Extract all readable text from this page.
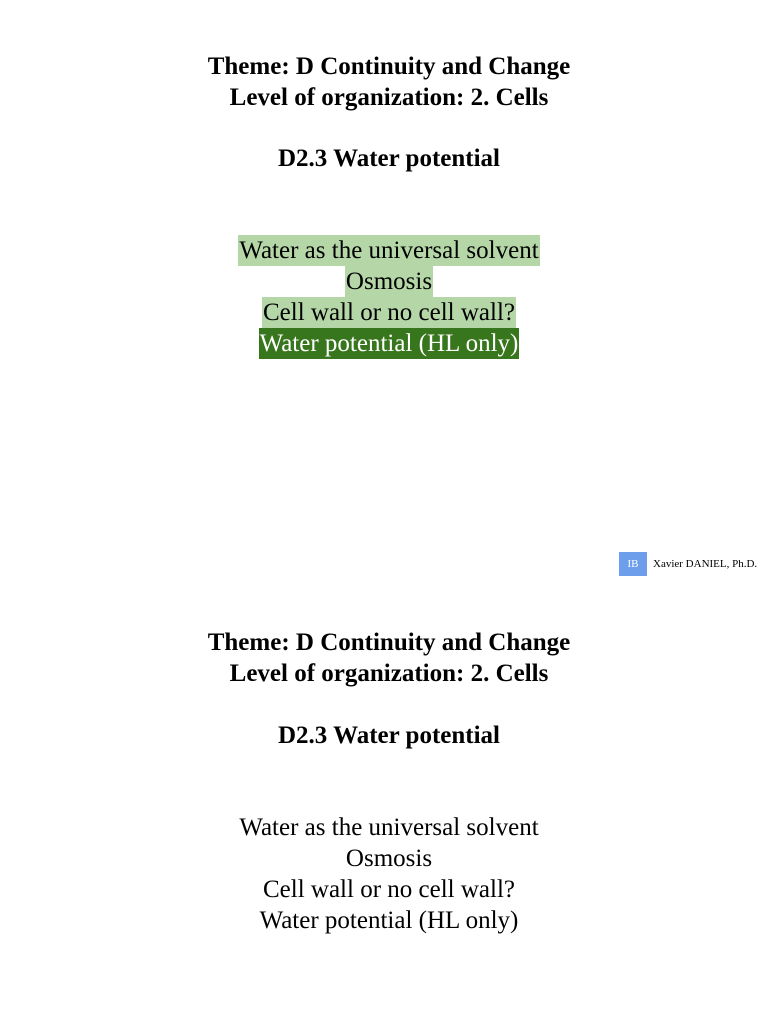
Theme: D Continuity and Change
Level of organization: 2. Cells
D2.3 Water potential
Water as the universal solvent
Osmosis
Cell wall or no cell wall?
Water potential (HL only)
IB	Xavier DANIEL, Ph.D.
Theme: D Continuity and Change
Level of organization: 2. Cells
D2.3 Water potential
Water as the universal solvent
Osmosis
Cell wall or no cell wall?
Water potential (HL only)
